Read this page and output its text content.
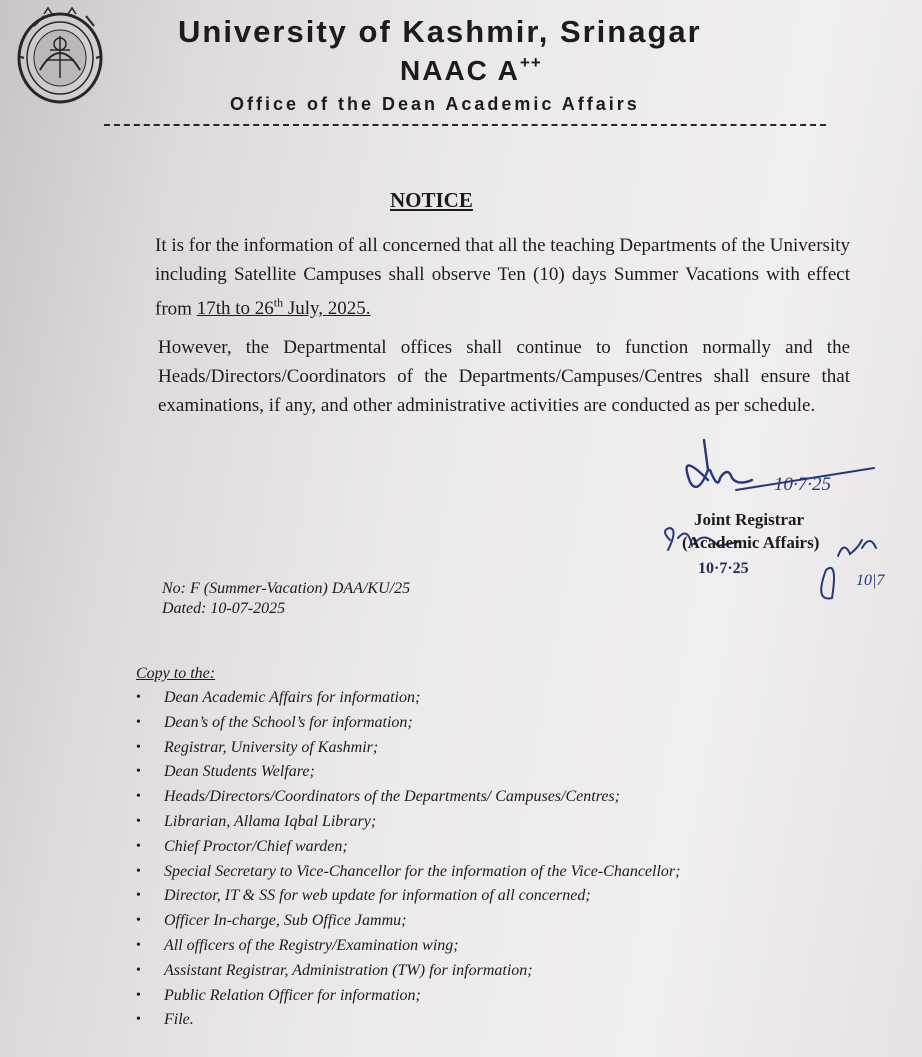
University of Kashmir, Srinagar
NAAC A++
Office of the Dean Academic Affairs
NOTICE
It is for the information of all concerned that all the teaching Departments of the University including Satellite Campuses shall observe Ten (10) days Summer Vacations with effect from 17th to 26th July, 2025.
However, the Departmental offices shall continue to function normally and the Heads/Directors/Coordinators of the Departments/Campuses/Centres shall ensure that examinations, if any, and other administrative activities are conducted as per schedule.
10·7·25
Joint Registrar
(Academic Affairs)
10·7·25
10|7
No: F (Summer-Vacation) DAA/KU/25
Dated: 10-07-2025
Copy to the:
• Dean Academic Affairs for information;
• Dean’s of the School’s for information;
• Registrar, University of Kashmir;
• Dean Students Welfare;
• Heads/Directors/Coordinators of the Departments/ Campuses/Centres;
• Librarian, Allama Iqbal Library;
• Chief Proctor/Chief warden;
• Special Secretary to Vice-Chancellor for the information of the Vice-Chancellor;
• Director, IT & SS for web update for information of all concerned;
• Officer In-charge, Sub Office Jammu;
• All officers of the Registry/Examination wing;
• Assistant Registrar, Administration (TW) for information;
• Public Relation Officer for information;
• File.
